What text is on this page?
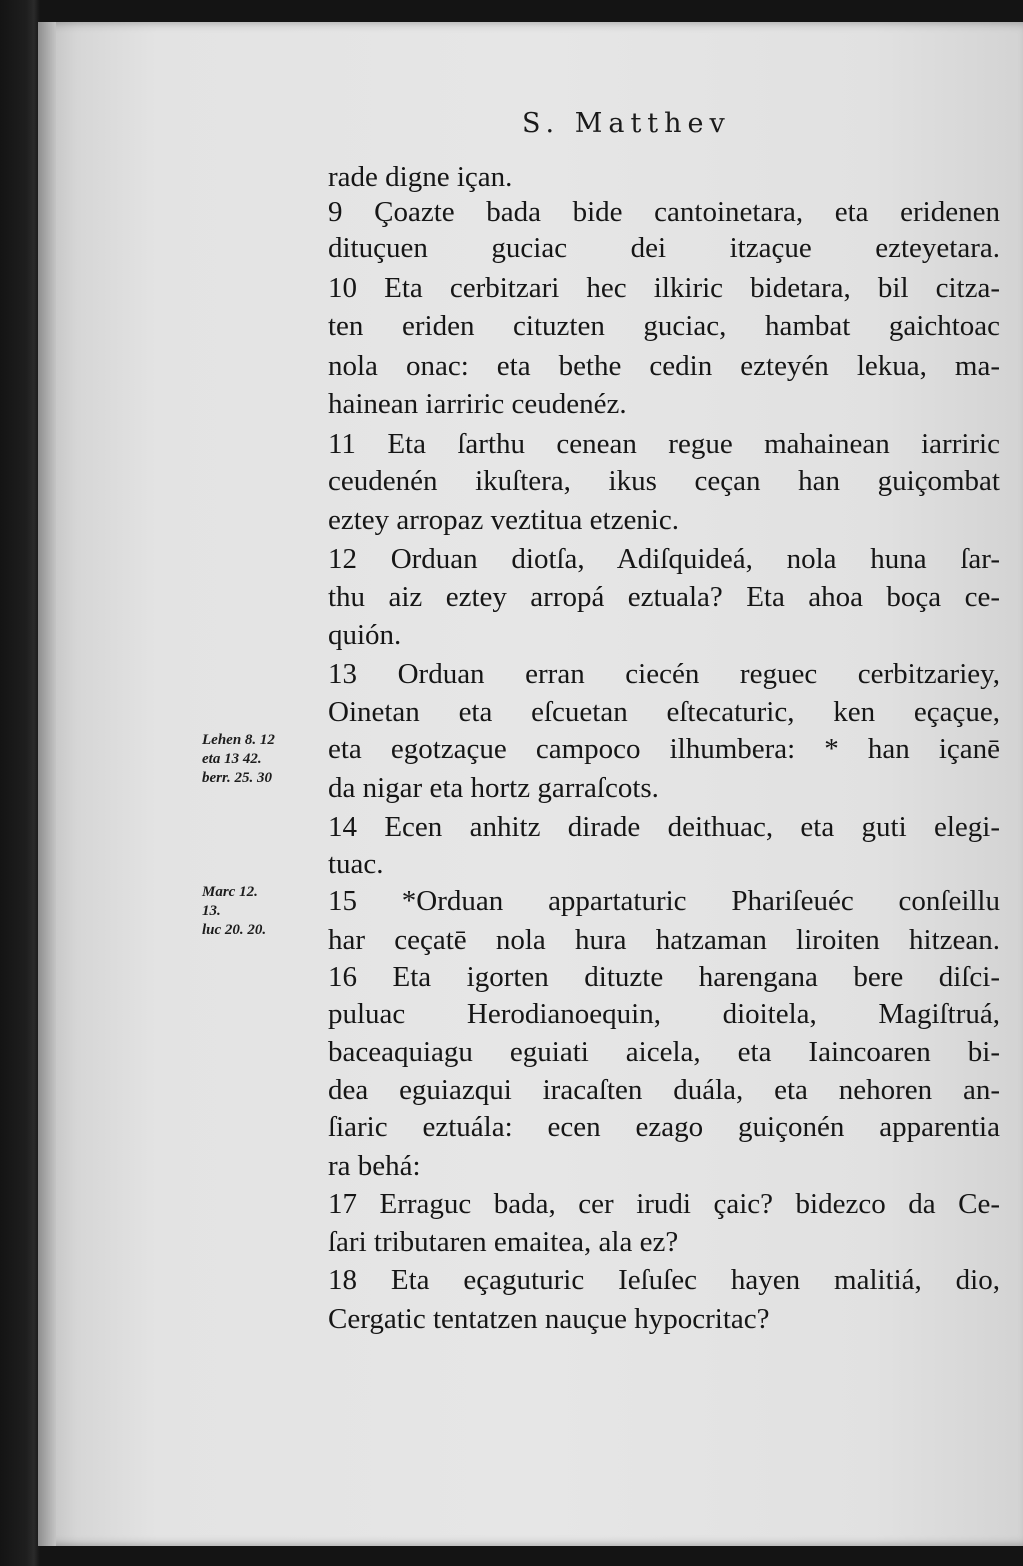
S. Matthev
rade digne içan.
9 Çoazte bada bide cantoinetara, eta eridenen
dituçuen guciac dei itzaçue ezteyetara.
10 Eta cerbitzari hec ilkiric bidetara, bil citza-
ten eriden cituzten guciac, hambat gaichtoac
nola onac: eta bethe cedin ezteyén lekua, ma-
hainean iarriric ceudenéz.
11 Eta ſarthu cenean regue mahainean iarriric
ceudenén ikuſtera, ikus ceçan han guiçombat
eztey arropaz veztitua etzenic.
12 Orduan diotſa, Adiſquideá, nola huna ſar-
thu aiz eztey arropá eztuala? Eta ahoa boça ce-
quión.
13 Orduan erran ciecén reguec cerbitzariey,
Oinetan eta eſcuetan eſtecaturic, ken eçaçue,
eta egotzaçue campoco ilhumbera: * han içanē
da nigar eta hortz garraſcots.
14 Ecen anhitz dirade deithuac, eta guti elegi-
tuac.
15 *Orduan appartaturic Phariſeuéc conſeillu
har ceçatē nola hura hatzaman liroiten hitzean.
16 Eta igorten dituzte harengana bere diſci-
puluac Herodianoequin, dioitela, Magiſtruá,
baceaquiagu eguiati aicela, eta Iaincoaren bi-
dea eguiazqui iracaſten duála, eta nehoren an-
ſiaric eztuála: ecen ezago guiçonén apparentia
ra behá:
17 Erraguc bada, cer irudi çaic? bidezco da Ce-
ſari tributaren emaitea, ala ez?
18 Eta eçaguturic Ieſuſec hayen malitiá, dio,
Cergatic tentatzen nauçue hypocritac?
Lehen 8. 12
eta 13 42.
berr. 25. 30
Marc 12.
13.
luc 20. 20.
